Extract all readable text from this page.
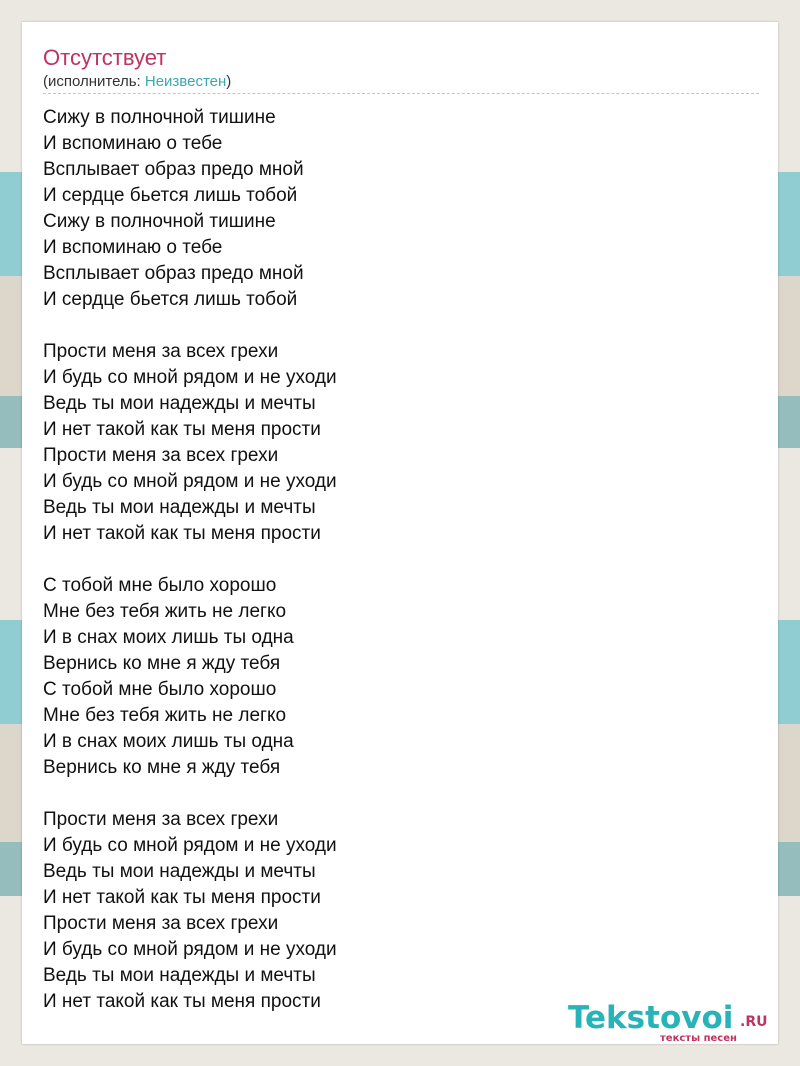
Отсутствует
(исполнитель: Неизвестен)
Сижу в полночной тишине
И вспоминаю о тебе
Всплывает образ предо мной
И сердце бьется лишь тобой
Сижу в полночной тишине
И вспоминаю о тебе
Всплывает образ предо мной
И сердце бьется лишь тобой
Прости меня за всех грехи
И будь со мной рядом и не уходи
Ведь ты мои надежды и мечты
И нет такой как ты меня прости
Прости меня за всех грехи
И будь со мной рядом и не уходи
Ведь ты мои надежды и мечты
И нет такой как ты меня прости
С тобой мне было хорошо
Мне без тебя жить не легко
И в снах моих лишь ты одна
Вернись ко мне я жду тебя
С тобой мне было хорошо
Мне без тебя жить не легко
И в снах моих лишь ты одна
Вернись ко мне я жду тебя
Прости меня за всех грехи
И будь со мной рядом и не уходи
Ведь ты мои надежды и мечты
И нет такой как ты меня прости
Прости меня за всех грехи
И будь со мной рядом и не уходи
Ведь ты мои надежды и мечты
И нет такой как ты меня прости	Tekstovoi .RU
тексты песен
